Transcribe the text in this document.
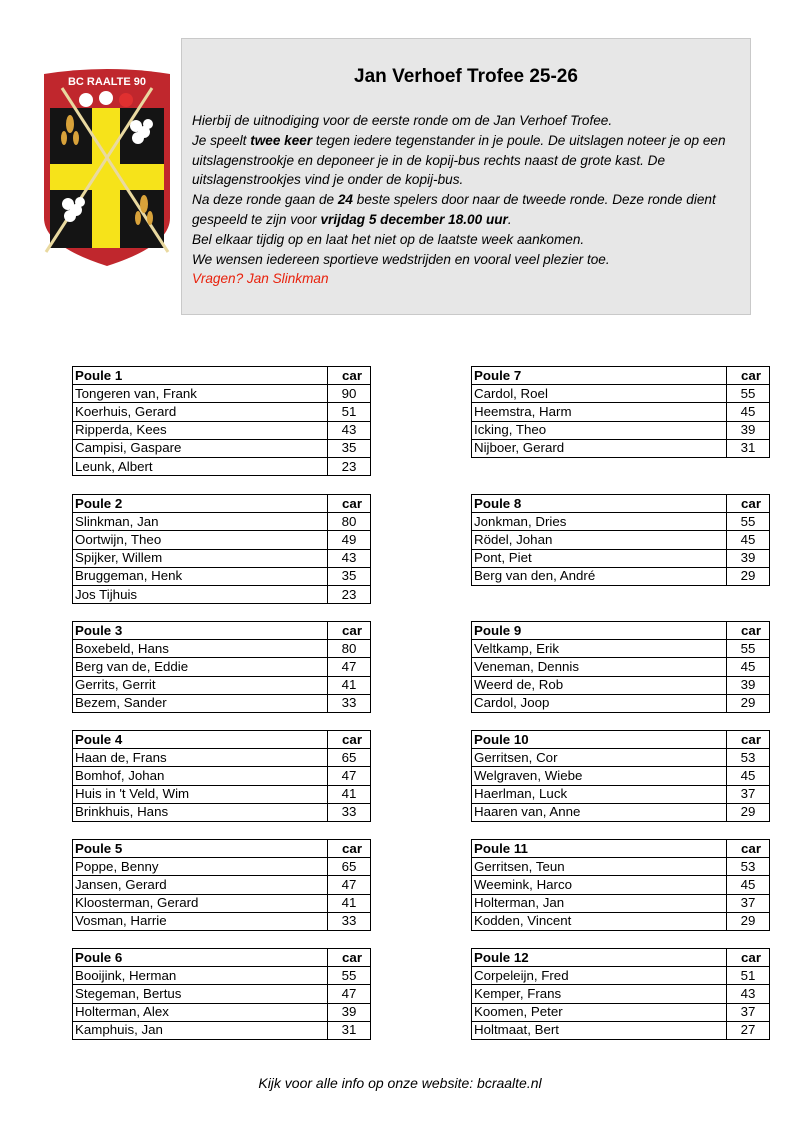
BC RAALTE 90	Jan Verhoef Trofee 25-26
Hierbij de uitnodiging voor de eerste ronde om de Jan Verhoef Trofee.
Je speelt twee keer tegen iedere tegenstander in je poule. De uitslagen noteer je op een
uitslagenstrookje en deponeer je in de kopij-bus rechts naast de grote kast. De
uitslagenstrookjes vind je onder de kopij-bus.
Na deze ronde gaan de 24 beste spelers door naar de tweede ronde. Deze ronde dient
gespeeld te zijn voor vrijdag 5 december 18.00 uur.
Bel elkaar tijdig op en laat het niet op de laatste week aankomen.
We wensen iedereen sportieve wedstrijden en vooral veel plezier toe.
Vragen? Jan Slinkman
Poule 1	car
Tongeren van, Frank	90
Koerhuis, Gerard	51
Ripperda, Kees	43
Campisi, Gaspare	35
Leunk, Albert	23
Poule 2	car
Slinkman, Jan	80
Oortwijn, Theo	49
Spijker, Willem	43
Bruggeman, Henk	35
Jos Tijhuis	23
Poule 3	car
Boxebeld, Hans	80
Berg van de, Eddie	47
Gerrits, Gerrit	41
Bezem, Sander	33
Poule 4	car
Haan de, Frans	65
Bomhof, Johan	47
Huis in 't Veld, Wim	41
Brinkhuis, Hans	33
Poule 5	car
Poppe, Benny	65
Jansen, Gerard	47
Kloosterman, Gerard	41
Vosman, Harrie	33
Poule 6	car
Booijink, Herman	55
Stegeman, Bertus	47
Holterman, Alex	39
Kamphuis, Jan	31
Poule 7	car
Cardol, Roel	55
Heemstra, Harm	45
Icking, Theo	39
Nijboer, Gerard	31
Poule 8	car
Jonkman, Dries	55
Rödel, Johan	45
Pont, Piet	39
Berg van den, André	29
Poule 9	car
Veltkamp, Erik	55
Veneman, Dennis	45
Weerd de, Rob	39
Cardol, Joop	29
Poule 10	car
Gerritsen, Cor	53
Welgraven, Wiebe	45
Haerlman, Luck	37
Haaren van, Anne	29
Poule 11	car
Gerritsen, Teun	53
Weemink, Harco	45
Holterman, Jan	37
Kodden, Vincent	29
Poule 12	car
Corpeleijn, Fred	51
Kemper, Frans	43
Koomen, Peter	37
Holtmaat, Bert	27
Kijk voor alle info op onze website: bcraalte.nl
